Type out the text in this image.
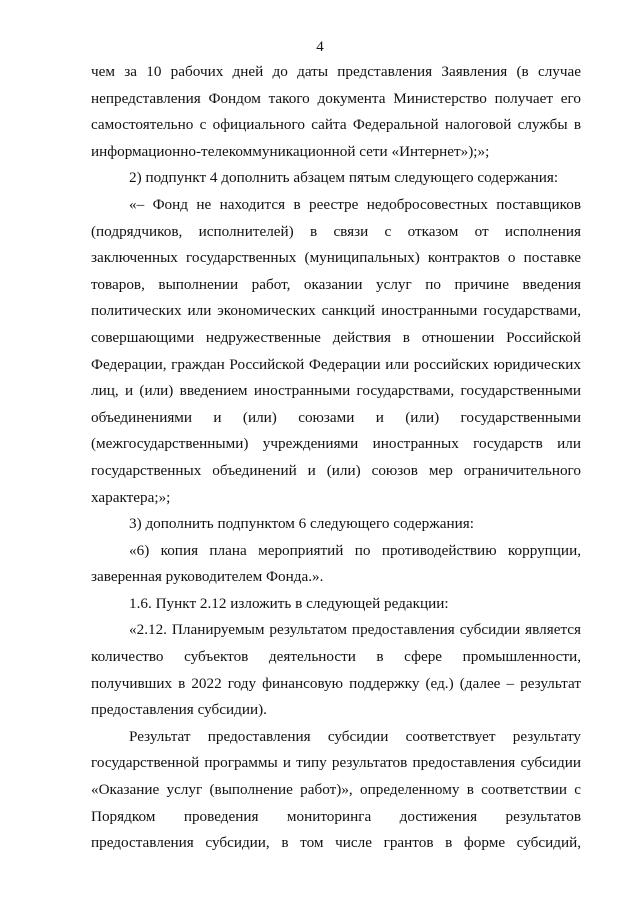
4

чем за 10 рабочих дней до даты представления Заявления (в случае непредставления Фондом такого документа Министерство получает его самостоятельно с официального сайта Федеральной налоговой службы в информационно-телекоммуникационной сети «Интернет»);»;

2) подпункт 4 дополнить абзацем пятым следующего содержания:

«– Фонд не находится в реестре недобросовестных поставщиков (подрядчиков, исполнителей) в связи с отказом от исполнения заключенных государственных (муниципальных) контрактов о поставке товаров, выполнении работ, оказании услуг по причине введения политических или экономических санкций иностранными государствами, совершающими недружественные действия в отношении Российской Федерации, граждан Российской Федерации или российских юридических лиц, и (или) введением иностранными государствами, государственными объединениями и (или) союзами и (или) государственными (межгосударственными) учреждениями иностранных государств или государственных объединений и (или) союзов мер ограничительного характера;»;

3) дополнить подпунктом 6 следующего содержания:

«6) копия плана мероприятий по противодействию коррупции, заверенная руководителем Фонда.».

1.6. Пункт 2.12 изложить в следующей редакции:

«2.12. Планируемым результатом предоставления субсидии является количество субъектов деятельности в сфере промышленности, получивших в 2022 году финансовую поддержку (ед.) (далее – результат предоставления субсидии).

Результат предоставления субсидии соответствует результату государственной программы и типу результатов предоставления субсидии «Оказание услуг (выполнение работ)», определенному в соответствии с Порядком проведения мониторинга достижения результатов предоставления субсидии, в том числе грантов в форме субсидий,
